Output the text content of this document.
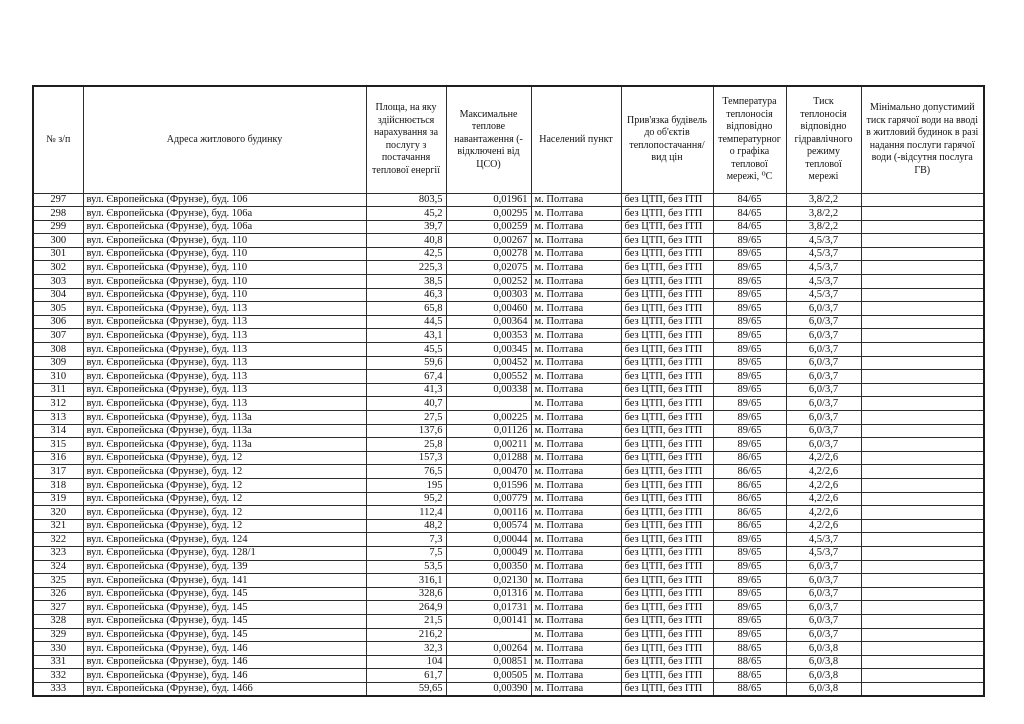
№ з/п	Адреса житлового будинку	Площа, на яку здійснюється нарахування за послугу з постачання теплової енергії	Максимальне теплове навантаження (-відключені від ЦСО)	Населений пункт	Прив'язка будівель до об'єктів теплопостачання/ вид цін	Температура теплоносія відповідно температурного графіка теплової мережі, ⁰С	Тиск теплоносія відповідно гідравлічного режиму теплової мережі	Мінімально допустимий тиск гарячої води на вводі в житловий будинок в разі надання послуги гарячої води (-відсутня послуга ГВ)
297	вул. Європейська (Фрунзе), буд. 106	803,5	0,01961	м. Полтава	без ЦТП, без ІТП	84/65	3,8/2,2	
298	вул. Європейська (Фрунзе), буд. 106а	45,2	0,00295	м. Полтава	без ЦТП, без ІТП	84/65	3,8/2,2	
299	вул. Європейська (Фрунзе), буд. 106а	39,7	0,00259	м. Полтава	без ЦТП, без ІТП	84/65	3,8/2,2	
300	вул. Європейська (Фрунзе), буд. 110	40,8	0,00267	м. Полтава	без ЦТП, без ІТП	89/65	4,5/3,7	
301	вул. Європейська (Фрунзе), буд. 110	42,5	0,00278	м. Полтава	без ЦТП, без ІТП	89/65	4,5/3,7	
302	вул. Європейська (Фрунзе), буд. 110	225,3	0,02075	м. Полтава	без ЦТП, без ІТП	89/65	4,5/3,7	
303	вул. Європейська (Фрунзе), буд. 110	38,5	0,00252	м. Полтава	без ЦТП, без ІТП	89/65	4,5/3,7	
304	вул. Європейська (Фрунзе), буд. 110	46,3	0,00303	м. Полтава	без ЦТП, без ІТП	89/65	4,5/3,7	
305	вул. Європейська (Фрунзе), буд. 113	65,8	0,00460	м. Полтава	без ЦТП, без ІТП	89/65	6,0/3,7	
306	вул. Європейська (Фрунзе), буд. 113	44,5	0,00364	м. Полтава	без ЦТП, без ІТП	89/65	6,0/3,7	
307	вул. Європейська (Фрунзе), буд. 113	43,1	0,00353	м. Полтава	без ЦТП, без ІТП	89/65	6,0/3,7	
308	вул. Європейська (Фрунзе), буд. 113	45,5	0,00345	м. Полтава	без ЦТП, без ІТП	89/65	6,0/3,7	
309	вул. Європейська (Фрунзе), буд. 113	59,6	0,00452	м. Полтава	без ЦТП, без ІТП	89/65	6,0/3,7	
310	вул. Європейська (Фрунзе), буд. 113	67,4	0,00552	м. Полтава	без ЦТП, без ІТП	89/65	6,0/3,7	
311	вул. Європейська (Фрунзе), буд. 113	41,3	0,00338	м. Полтава	без ЦТП, без ІТП	89/65	6,0/3,7	
312	вул. Європейська (Фрунзе), буд. 113	40,7		м. Полтава	без ЦТП, без ІТП	89/65	6,0/3,7	
313	вул. Європейська (Фрунзе), буд. 113а	27,5	0,00225	м. Полтава	без ЦТП, без ІТП	89/65	6,0/3,7	
314	вул. Європейська (Фрунзе), буд. 113а	137,6	0,01126	м. Полтава	без ЦТП, без ІТП	89/65	6,0/3,7	
315	вул. Європейська (Фрунзе), буд. 113а	25,8	0,00211	м. Полтава	без ЦТП, без ІТП	89/65	6,0/3,7	
316	вул. Європейська (Фрунзе), буд. 12	157,3	0,01288	м. Полтава	без ЦТП, без ІТП	86/65	4,2/2,6	
317	вул. Європейська (Фрунзе), буд. 12	76,5	0,00470	м. Полтава	без ЦТП, без ІТП	86/65	4,2/2,6	
318	вул. Європейська (Фрунзе), буд. 12	195	0,01596	м. Полтава	без ЦТП, без ІТП	86/65	4,2/2,6	
319	вул. Європейська (Фрунзе), буд. 12	95,2	0,00779	м. Полтава	без ЦТП, без ІТП	86/65	4,2/2,6	
320	вул. Європейська (Фрунзе), буд. 12	112,4	0,00116	м. Полтава	без ЦТП, без ІТП	86/65	4,2/2,6	
321	вул. Європейська (Фрунзе), буд. 12	48,2	0,00574	м. Полтава	без ЦТП, без ІТП	86/65	4,2/2,6	
322	вул. Європейська (Фрунзе), буд. 124	7,3	0,00044	м. Полтава	без ЦТП, без ІТП	89/65	4,5/3,7	
323	вул. Європейська (Фрунзе), буд. 128/1	7,5	0,00049	м. Полтава	без ЦТП, без ІТП	89/65	4,5/3,7	
324	вул. Європейська (Фрунзе), буд. 139	53,5	0,00350	м. Полтава	без ЦТП, без ІТП	89/65	6,0/3,7	
325	вул. Європейська (Фрунзе), буд. 141	316,1	0,02130	м. Полтава	без ЦТП, без ІТП	89/65	6,0/3,7	
326	вул. Європейська (Фрунзе), буд. 145	328,6	0,01316	м. Полтава	без ЦТП, без ІТП	89/65	6,0/3,7	
327	вул. Європейська (Фрунзе), буд. 145	264,9	0,01731	м. Полтава	без ЦТП, без ІТП	89/65	6,0/3,7	
328	вул. Європейська (Фрунзе), буд. 145	21,5	0,00141	м. Полтава	без ЦТП, без ІТП	89/65	6,0/3,7	
329	вул. Європейська (Фрунзе), буд. 145	216,2		м. Полтава	без ЦТП, без ІТП	89/65	6,0/3,7	
330	вул. Європейська (Фрунзе), буд. 146	32,3	0,00264	м. Полтава	без ЦТП, без ІТП	88/65	6,0/3,8	
331	вул. Європейська (Фрунзе), буд. 146	104	0,00851	м. Полтава	без ЦТП, без ІТП	88/65	6,0/3,8	
332	вул. Європейська (Фрунзе), буд. 146	61,7	0,00505	м. Полтава	без ЦТП, без ІТП	88/65	6,0/3,8	
333	вул. Європейська (Фрунзе), буд. 1466	59,65	0,00390	м. Полтава	без ЦТП, без ІТП	88/65	6,0/3,8	
